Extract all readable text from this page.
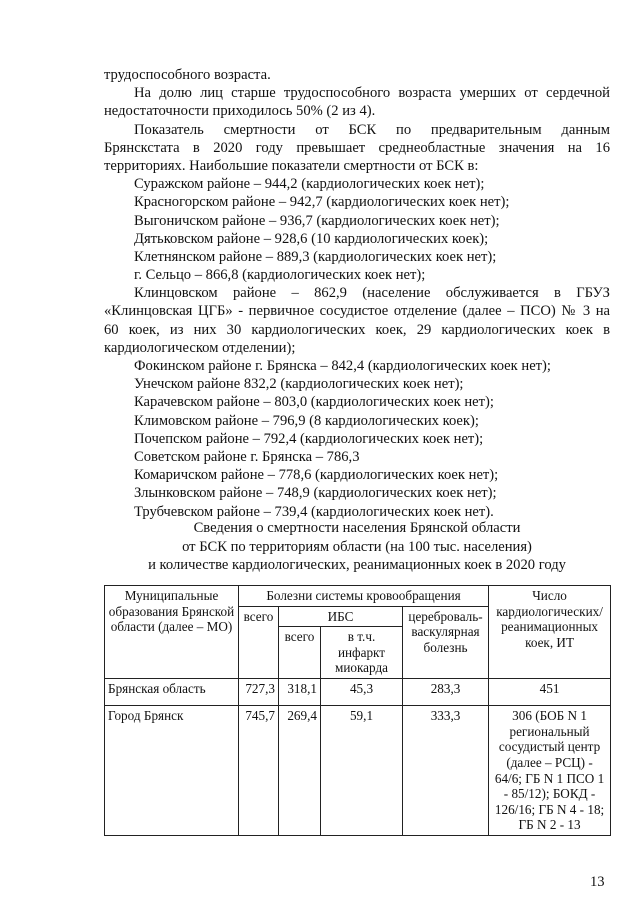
трудоспособного возраста.
На долю лиц старше трудоспособного возраста умерших от сердечной
недостаточности приходилось 50% (2 из 4).
Показатель смертности от БСК по предварительным данным
Брянскстата в 2020 году превышает среднеобластные значения на 16
территориях. Наибольшие показатели смертности от БСК в:
Суражском районе – 944,2 (кардиологических коек нет);
Красногорском районе – 942,7 (кардиологических коек нет);
Выгоничском районе – 936,7 (кардиологических коек нет);
Дятьковском районе – 928,6 (10 кардиологических коек);
Клетнянском районе – 889,3 (кардиологических коек нет);
г. Сельцо – 866,8 (кардиологических коек нет);
Клинцовском районе – 862,9 (население обслуживается в ГБУЗ
«Клинцовская ЦГБ» - первичное сосудистое отделение (далее – ПСО) № 3 на
60 коек, из них 30 кардиологических коек, 29 кардиологических коек в
кардиологическом отделении);
Фокинском районе г. Брянска – 842,4 (кардиологических коек нет);
Унечском районе 832,2 (кардиологических коек нет);
Карачевском районе – 803,0 (кардиологических коек нет);
Климовском районе – 796,9 (8 кардиологических коек);
Почепском районе – 792,4 (кардиологических коек нет);
Советском районе г. Брянска – 786,3
Комаричском районе – 778,6 (кардиологических коек нет);
Злынковском районе – 748,9 (кардиологических коек нет);
Трубчевском районе – 739,4 (кардиологических коек нет).
Сведения о смертности населения Брянской области
от БСК по территориям области (на 100 тыс. населения)
и количестве кардиологических, реанимационных коек в 2020 году
Муниципальные образования Брянской области (далее – МО)	Болезни системы кровообращения				Число кардиологических/ реанимационных коек, ИТ
	всего	ИБС		цереброваль-васкулярная болезнь	
		всего	в т.ч. инфаркт миокарда		
Брянская область	727,3	318,1	45,3	283,3	451
Город Брянск	745,7	269,4	59,1	333,3	306 (БОБ N 1 региональный сосудистый центр (далее – РСЦ) - 64/6; ГБ N 1 ПСО 1 - 85/12); БОКД - 126/16; ГБ N 4 - 18; ГБ N 2 - 13
13
